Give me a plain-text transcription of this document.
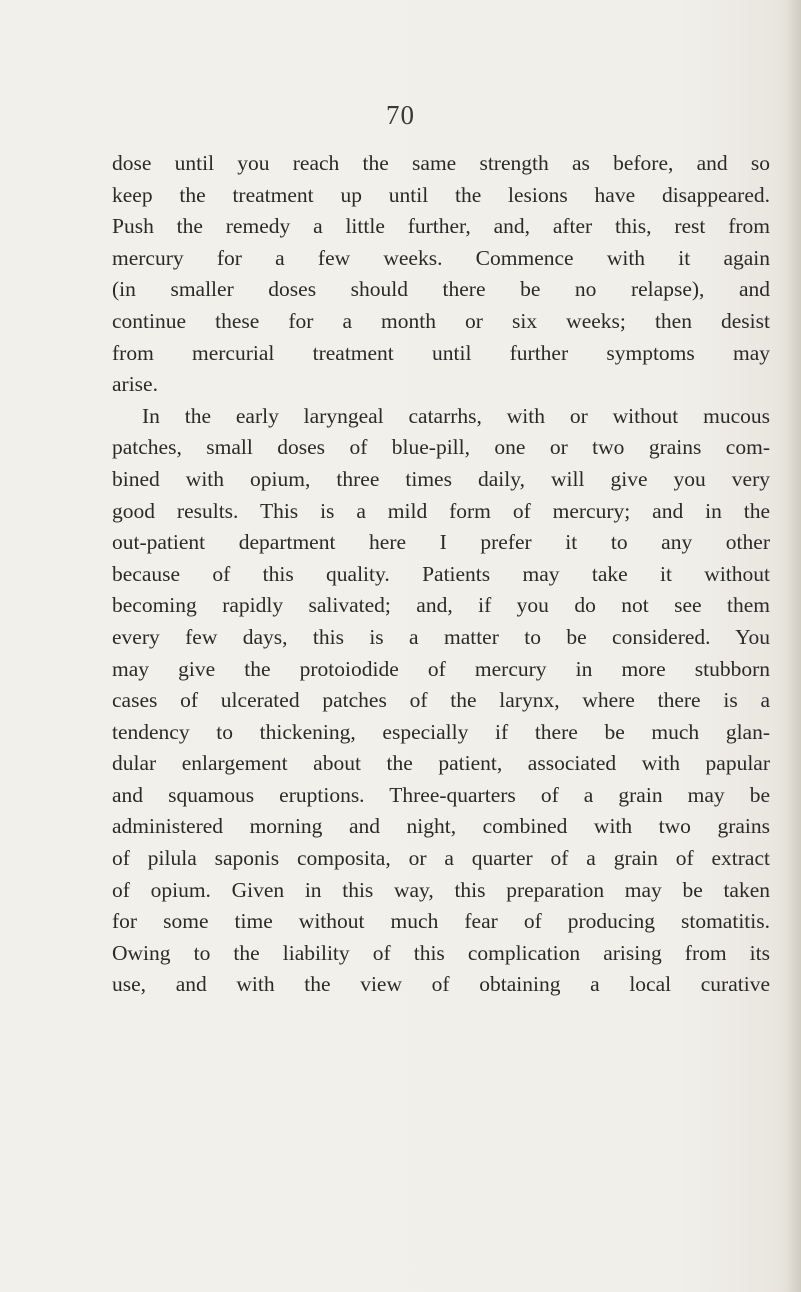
70
dose until you reach the same strength as before, and so
keep the treatment up until the lesions have disappeared.
Push the remedy a little further, and, after this, rest from
mercury for a few weeks. Commence with it again
(in smaller doses should there be no relapse), and
continue these for a month or six weeks; then desist
from mercurial treatment until further symptoms may
arise.
In the early laryngeal catarrhs, with or without mucous
patches, small doses of blue-pill, one or two grains com-
bined with opium, three times daily, will give you very
good results. This is a mild form of mercury; and in the
out-patient department here I prefer it to any other
because of this quality. Patients may take it without
becoming rapidly salivated; and, if you do not see them
every few days, this is a matter to be considered. You
may give the protoiodide of mercury in more stubborn
cases of ulcerated patches of the larynx, where there is a
tendency to thickening, especially if there be much glan-
dular enlargement about the patient, associated with papular
and squamous eruptions. Three-quarters of a grain may be
administered morning and night, combined with two grains
of pilula saponis composita, or a quarter of a grain of extract
of opium. Given in this way, this preparation may be taken
for some time without much fear of producing stomatitis.
Owing to the liability of this complication arising from its
use, and with the view of obtaining a local curative
